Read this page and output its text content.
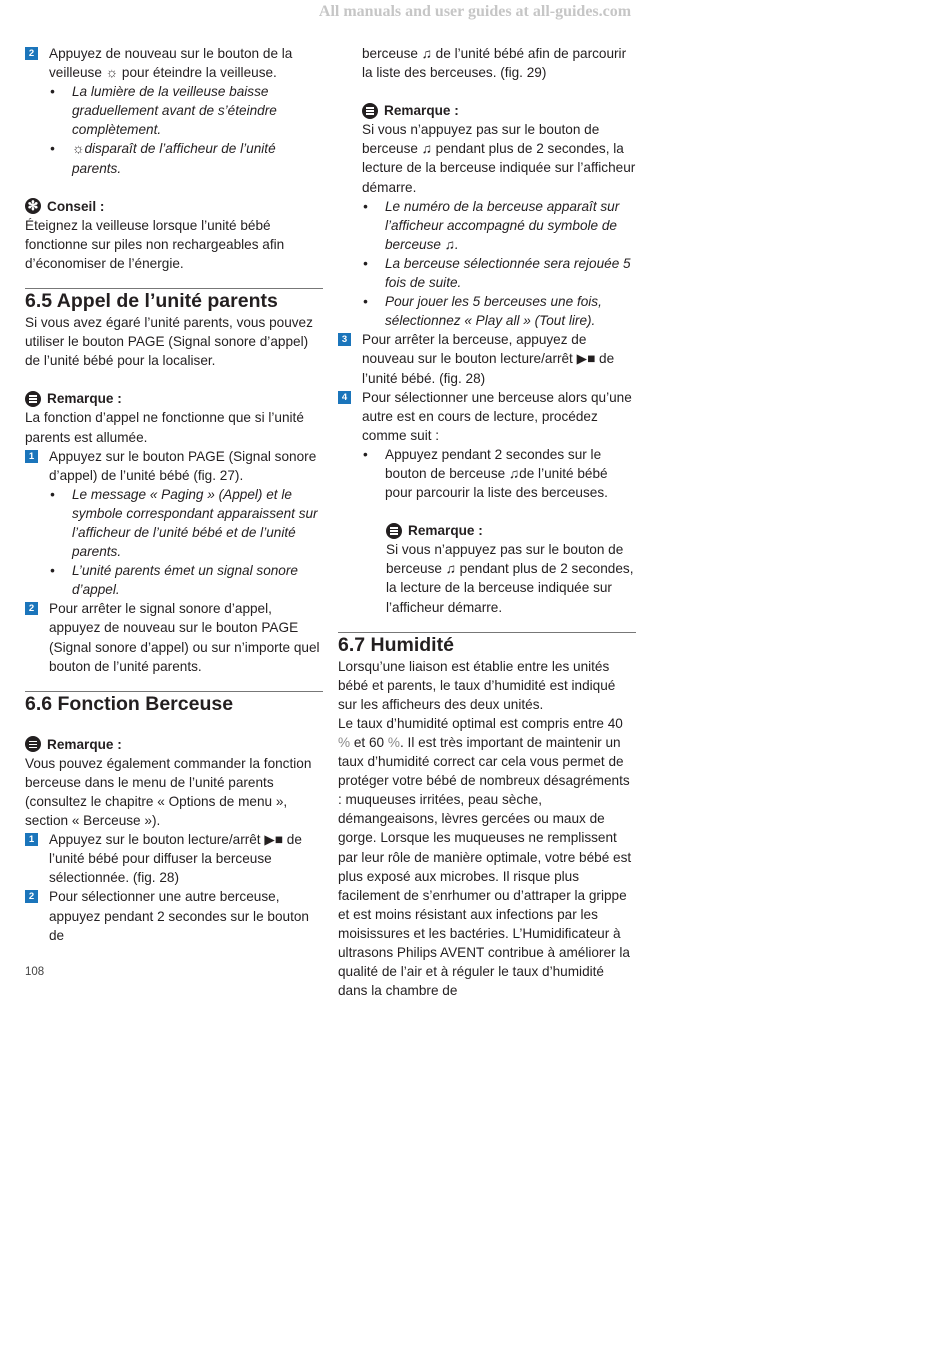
All manuals and user guides at all-guides.com
2 Appuyez de nouveau sur le bouton de la veilleuse ☼ pour éteindre la veilleuse.

• La lumière de la veilleuse baisse graduellement avant de s’éteindre complètement.
• ☼disparaît de l’afficheur de l’unité parents.
✻ Conseil :

Éteignez la veilleuse lorsque l’unité bébé fonctionne sur piles non rechargeables afin d’économiser de l’énergie.

6.5 Appel de l’unité parents

Si vous avez égaré l’unité parents, vous pouvez utiliser le bouton PAGE (Signal sonore d’appel) de l’unité bébé pour la localiser.

Remarque :

La fonction d’appel ne fonctionne que si l’unité parents est allumée.

1 Appuyez sur le bouton PAGE (Signal sonore d’appel) de l’unité bébé (fig. 27).

• Le message « Paging » (Appel) et le symbole correspondant apparaissent sur l’afficheur de l’unité bébé et de l’unité parents.
• L’unité parents émet un signal sonore d’appel.
2 Pour arrêter le signal sonore d’appel, appuyez de nouveau sur le bouton PAGE (Signal sonore d’appel) ou sur n’importe quel bouton de l’unité parents.

6.6 Fonction Berceuse
Remarque :

Vous pouvez également commander la fonction berceuse dans le menu de l’unité parents (consultez le chapitre « Options de menu », section « Berceuse »).

1 Appuyez sur le bouton lecture/arrêt ▶■ de l’unité bébé pour diffuser la berceuse sélectionnée. (fig. 28)

2 Pour sélectionner une autre berceuse, appuyez pendant 2 secondes sur le bouton de

berceuse ♫ de l’unité bébé afin de parcourir la liste des berceuses. (fig. 29)

Remarque :

Si vous n’appuyez pas sur le bouton de berceuse ♫ pendant plus de 2 secondes, la lecture de la berceuse indiquée sur l’afficheur démarre.

• Le numéro de la berceuse apparaît sur l’afficheur accompagné du symbole de berceuse ♫.
• La berceuse sélectionnée sera rejouée 5 fois de suite.
• Pour jouer les 5 berceuses une fois, sélectionnez « Play all » (Tout lire).
3 Pour arrêter la berceuse, appuyez de nouveau sur le bouton lecture/arrêt ▶■ de l’unité bébé. (fig. 28)

4 Pour sélectionner une berceuse alors qu’une autre est en cours de lecture, procédez comme suit :

• Appuyez pendant 2 secondes sur le bouton de berceuse ♫de l’unité bébé pour parcourir la liste des berceuses.
Remarque :

Si vous n’appuyez pas sur le bouton de berceuse ♫ pendant plus de 2 secondes, la lecture de la berceuse indiquée sur l’afficheur démarre.

6.7 Humidité

Lorsqu’une liaison est établie entre les unités bébé et parents, le taux d’humidité est indiqué sur les afficheurs des deux unités.

Le taux d’humidité optimal est compris entre 40 % et 60 %. Il est très important de maintenir un taux d’humidité correct car cela vous permet de protéger votre bébé de nombreux désagréments : muqueuses irritées, peau sèche, démangeaisons, lèvres gercées ou maux de gorge. Lorsque les muqueuses ne remplissent par leur rôle de manière optimale, votre bébé est plus exposé aux microbes. Il risque plus facilement de s’enrhumer ou d’attraper la grippe et est moins résistant aux infections par les moisissures et les bactéries. L’Humidificateur à ultrasons Philips AVENT contribue à améliorer la qualité de l’air et à réguler le taux d’humidité dans la chambre de

108
